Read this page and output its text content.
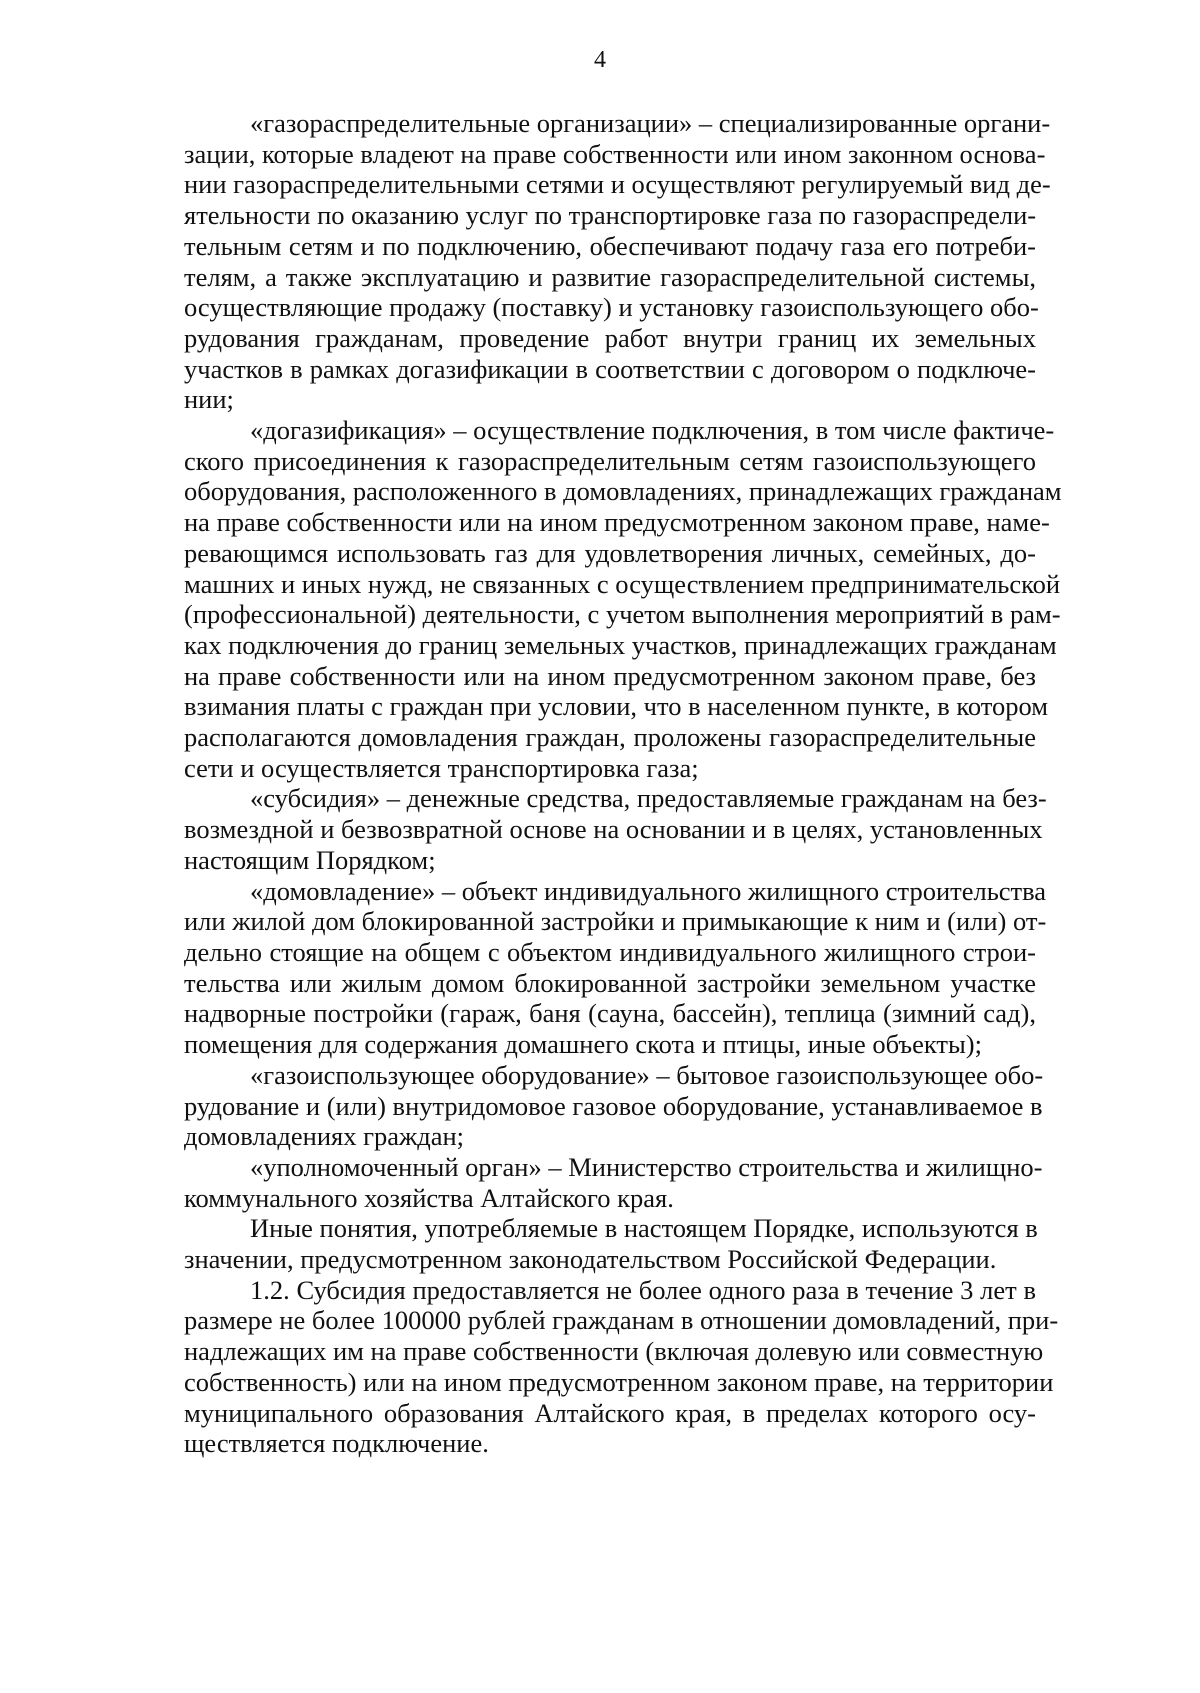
4
«газораспределительные организации» – специализированные органи-
зации, которые владеют на праве собственности или ином законном основа-
нии газораспределительными сетями и осуществляют регулируемый вид де-
ятельности по оказанию услуг по транспортировке газа по газораспредели-
тельным сетям и по подключению, обеспечивают подачу газа его потреби-
телям, а также эксплуатацию и развитие газораспределительной системы,
осуществляющие продажу (поставку) и установку газоиспользующего обо-
рудования гражданам, проведение работ внутри границ их земельных
участков в рамках догазификации в соответствии с договором о подключе-
нии;
«догазификация» – осуществление подключения, в том числе фактиче-
ского присоединения к газораспределительным сетям газоиспользующего
оборудования, расположенного в домовладениях, принадлежащих гражданам
на праве собственности или на ином предусмотренном законом праве, наме-
ревающимся использовать газ для удовлетворения личных, семейных, до-
машних и иных нужд, не связанных с осуществлением предпринимательской
(профессиональной) деятельности, с учетом выполнения мероприятий в рам-
ках подключения до границ земельных участков, принадлежащих гражданам
на праве собственности или на ином предусмотренном законом праве, без
взимания платы с граждан при условии, что в населенном пункте, в котором
располагаются домовладения граждан, проложены газораспределительные
сети и осуществляется транспортировка газа;
«субсидия» – денежные средства, предоставляемые гражданам на без-
возмездной и безвозвратной основе на основании и в целях, установленных
настоящим Порядком;
«домовладение» – объект индивидуального жилищного строительства
или жилой дом блокированной застройки и примыкающие к ним и (или) от-
дельно стоящие на общем с объектом индивидуального жилищного строи-
тельства или жилым домом блокированной застройки земельном участке
надворные постройки (гараж, баня (сауна, бассейн), теплица (зимний сад),
помещения для содержания домашнего скота и птицы, иные объекты);
«газоиспользующее оборудование» – бытовое газоиспользующее обо-
рудование и (или) внутридомовое газовое оборудование, устанавливаемое в
домовладениях граждан;
«уполномоченный орган» – Министерство строительства и жилищно-
коммунального хозяйства Алтайского края.
Иные понятия, употребляемые в настоящем Порядке, используются в
значении, предусмотренном законодательством Российской Федерации.
1.2. Субсидия предоставляется не более одного раза в течение 3 лет в
размере не более 100000 рублей гражданам в отношении домовладений, при-
надлежащих им на праве собственности (включая долевую или совместную
собственность) или на ином предусмотренном законом праве, на территории
муниципального образования Алтайского края, в пределах которого осу-
ществляется подключение.
